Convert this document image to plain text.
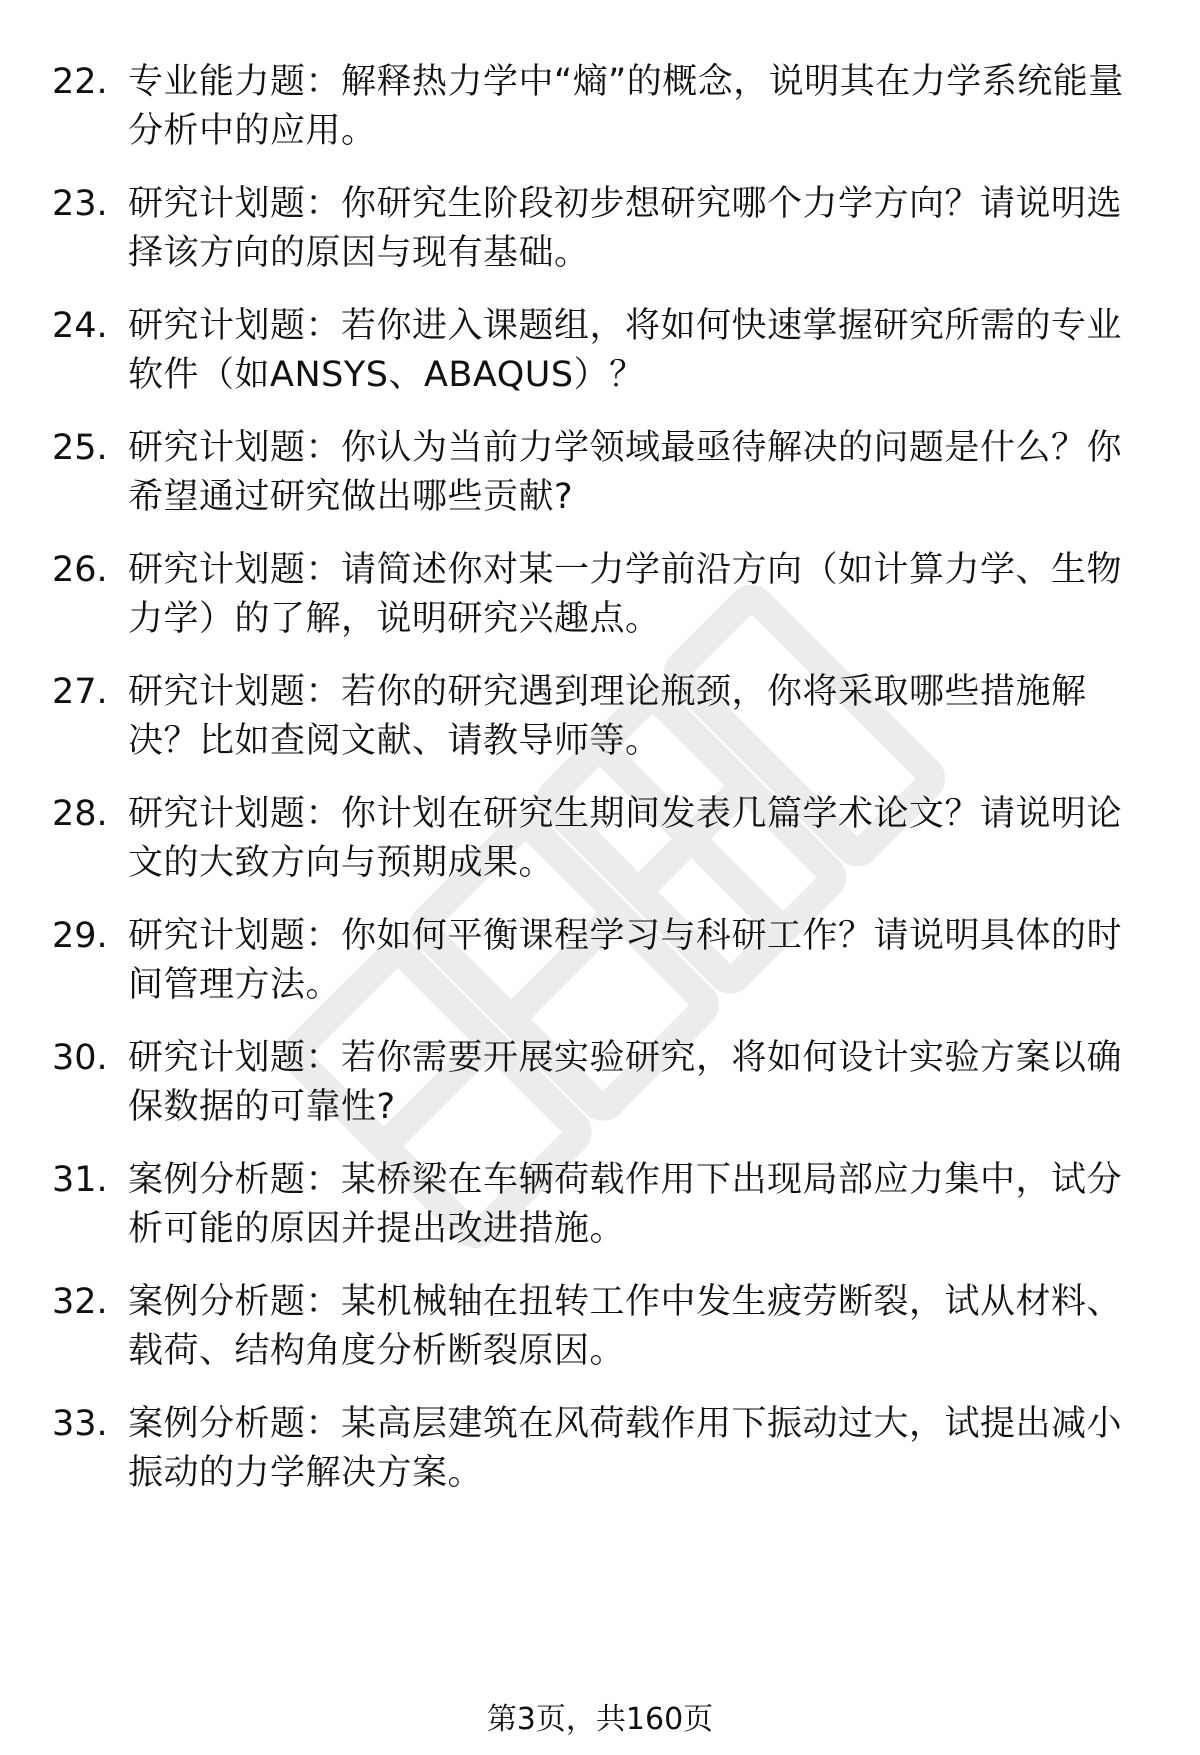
22. 专业能力题：解释热力学中“熵”的概念，说明其在力学系统能量分析中的应用。
23. 研究计划题：你研究生阶段初步想研究哪个力学方向？请说明选择该方向的原因与现有基础。
24. 研究计划题：若你进入课题组，将如何快速掌握研究所需的专业软件（如ANSYS、ABAQUS）？
25. 研究计划题：你认为当前力学领域最亟待解决的问题是什么？你希望通过研究做出哪些贡献?
26. 研究计划题：请简述你对某一力学前沿方向（如计算力学、生物力学）的了解，说明研究兴趣点。
27. 研究计划题：若你的研究遇到理论瓶颈，你将采取哪些措施解决？比如查阅文献、请教导师等。
28. 研究计划题：你计划在研究生期间发表几篇学术论文？请说明论文的大致方向与预期成果。
29. 研究计划题：你如何平衡课程学习与科研工作？请说明具体的时间管理方法。
30. 研究计划题：若你需要开展实验研究，将如何设计实验方案以确保数据的可靠性?
31. 案例分析题：某桥梁在车辆荷载作用下出现局部应力集中，试分析可能的原因并提出改进措施。
32. 案例分析题：某机械轴在扭转工作中发生疲劳断裂，试从材料、载荷、结构角度分析断裂原因。
33. 案例分析题：某高层建筑在风荷载作用下振动过大，试提出减小振动的力学解决方案。
第3页，共160页
